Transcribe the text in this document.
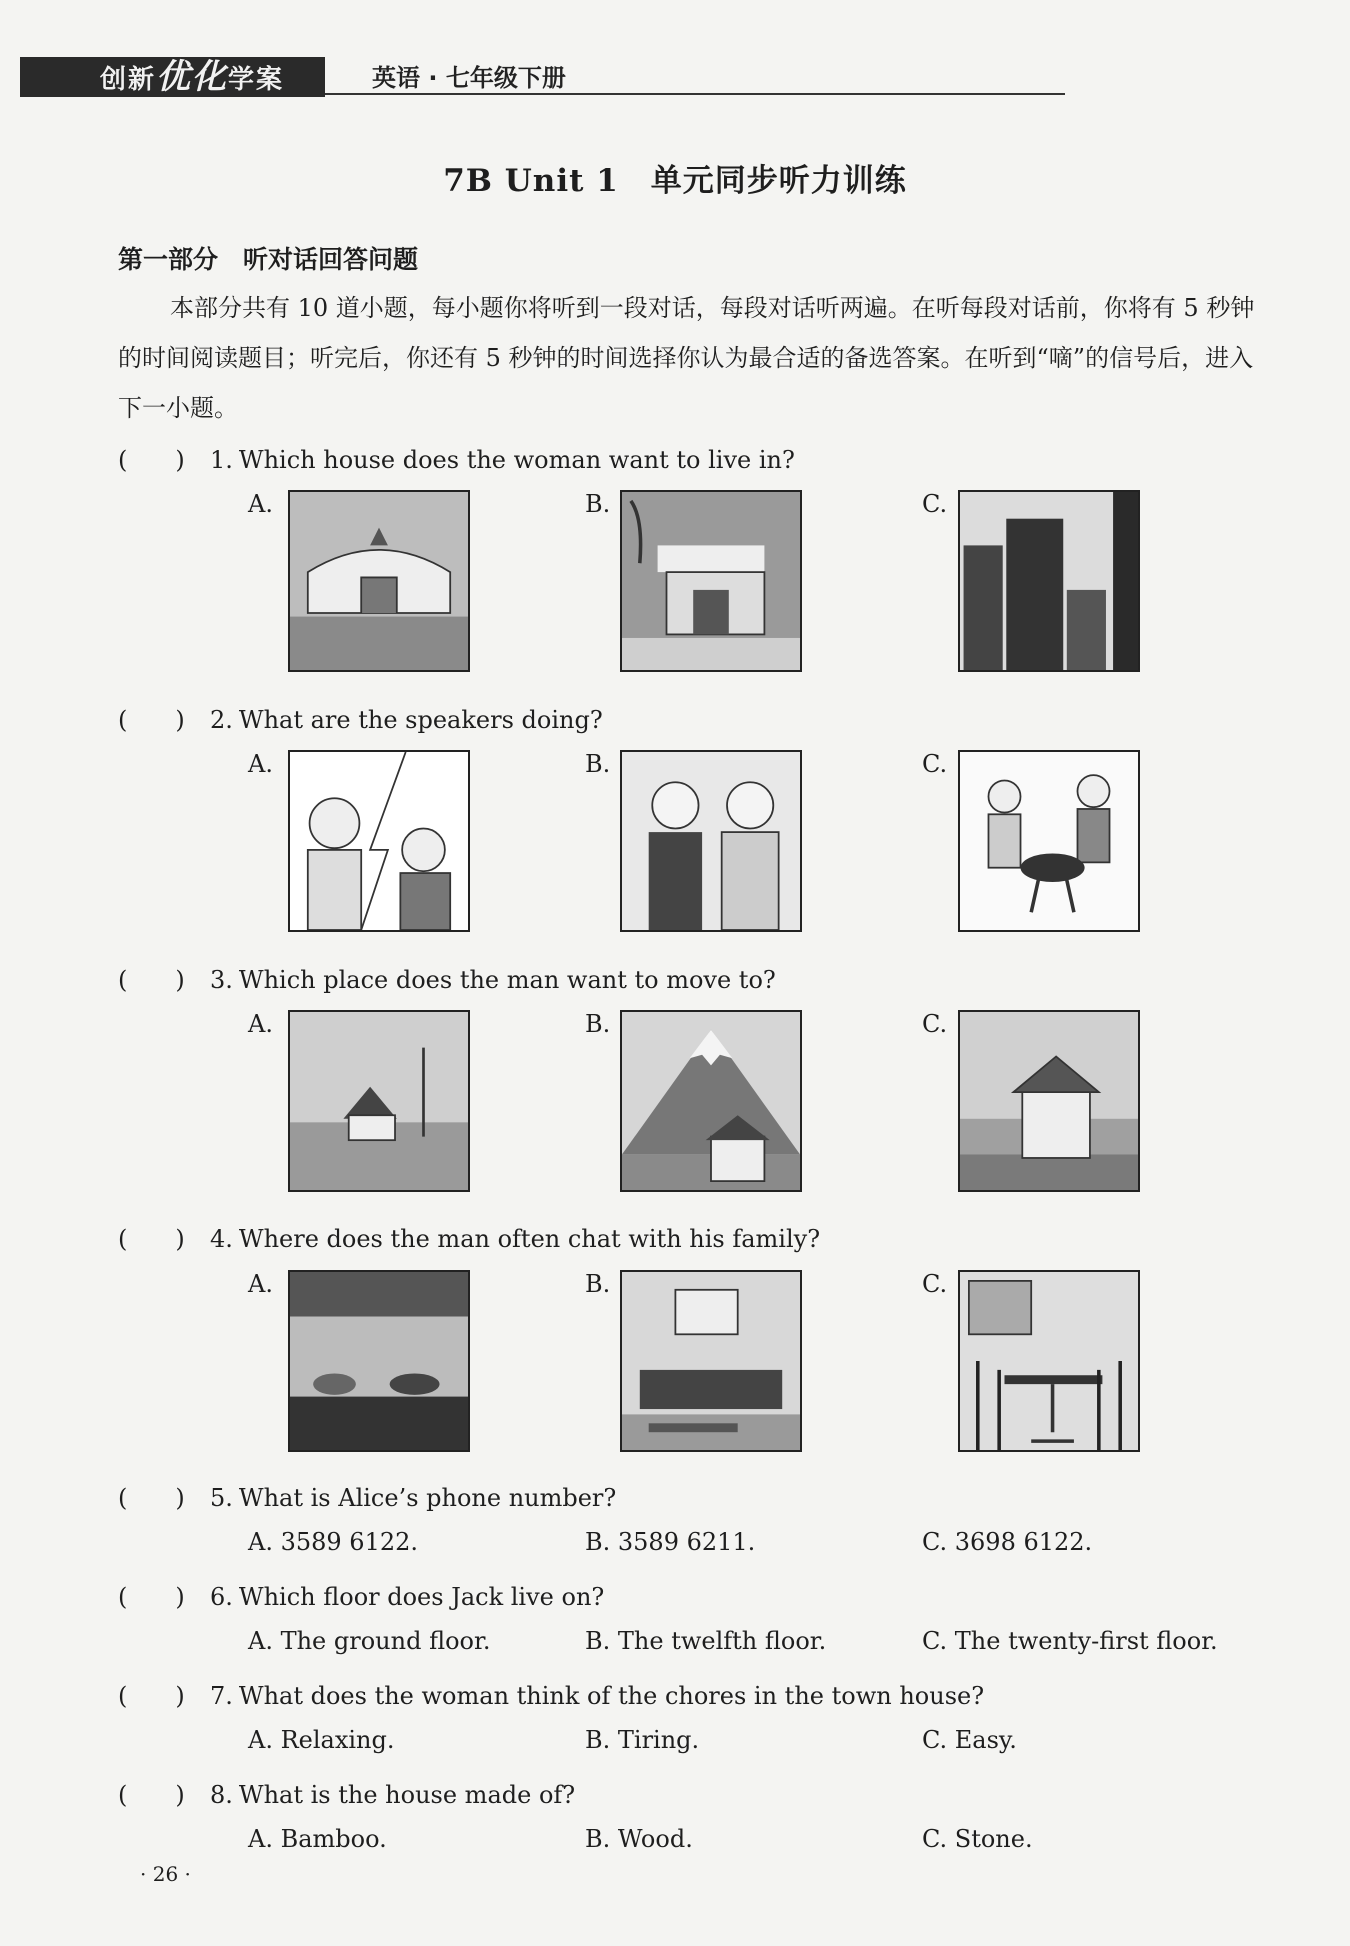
创新优化学案	英语 · 七年级下册
7B Unit 1　单元同步听力训练
第一部分　听对话回答问题

本部分共有 10 道小题，每小题你将听到一段对话，每段对话听两遍。在听每段对话前，你将有 5 秒钟的时间阅读题目；听完后，你还有 5 秒钟的时间选择你认为最合适的备选答案。在听到“嘀”的信号后，进入下一小题。

(　　) 1. Which house does the woman want to live in?
A.	B.	C.
(　　) 2. What are the speakers doing?
A.	B.	C.
(　　) 3. Which place does the man want to move to?
A.	B.	C.
(　　) 4. Where does the man often chat with his family?
A.	B.	C.
(　　) 5. What is Alice’s phone number?
A. 3589 6122.	B. 3589 6211.	C. 3698 6122.
(　　) 6. Which floor does Jack live on?
A. The ground floor.	B. The twelfth floor.	C. The twenty-first floor.
(　　) 7. What does the woman think of the chores in the town house?
A. Relaxing.	B. Tiring.	C. Easy.
(　　) 8. What is the house made of?
A. Bamboo.	B. Wood.	C. Stone.
· 26 ·
